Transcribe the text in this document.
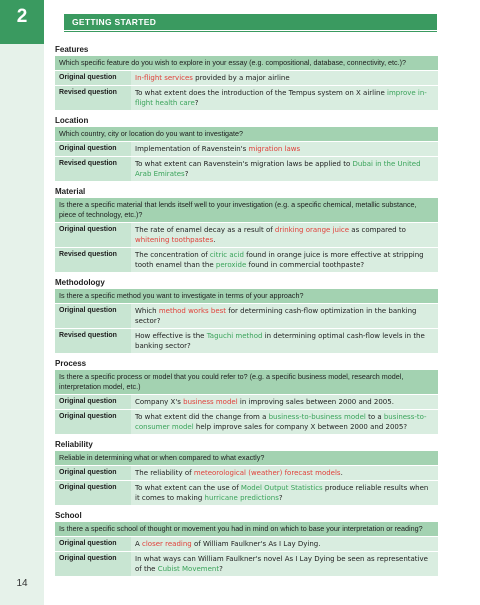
2	GETTING STARTED
14
Features
Which specific feature do you wish to explore in your essay (e.g. compositional, database, connectivity, etc.)?
Original question	In-flight services provided by a major airline
Revised question	To what extent does the introduction of the Tempus system on X airline improve in-flight health care?
Location
Which country, city or location do you want to investigate?
Original question	Implementation of Ravenstein's migration laws
Revised question	To what extent can Ravenstein's migration laws be applied to Dubai in the United Arab Emirates?
Material
Is there a specific material that lends itself well to your investigation (e.g. a specific chemical, metallic substance, piece of technology, etc.)?
Original question	The rate of enamel decay as a result of drinking orange juice as compared to whitening toothpastes.
Revised question	The concentration of citric acid found in orange juice is more effective at stripping tooth enamel than the peroxide found in commercial toothpaste?
Methodology
Is there a specific method you want to investigate in terms of your approach?
Original question	Which method works best for determining cash-flow optimization in the banking sector?
Revised question	How effective is the Taguchi method in determining optimal cash-flow levels in the banking sector?
Process
Is there a specific process or model that you could refer to? (e.g. a specific business model, research model, interpretation model, etc.)
Original question	Company X's business model in improving sales between 2000 and 2005.
Original question	To what extent did the change from a business-to-business model to a business-to-consumer model help improve sales for company X between 2000 and 2005?
Reliability
Reliable in determining what or when compared to what exactly?
Original question	The reliability of meteorological (weather) forecast models.
Original question	To what extent can the use of Model Output Statistics produce reliable results when it comes to making hurricane predictions?
School
Is there a specific school of thought or movement you had in mind on which to base your interpretation or reading?
Original question	A closer reading of William Faulkner's As I Lay Dying.
Original question	In what ways can William Faulkner's novel As I Lay Dying be seen as representative of the Cubist Movement?
